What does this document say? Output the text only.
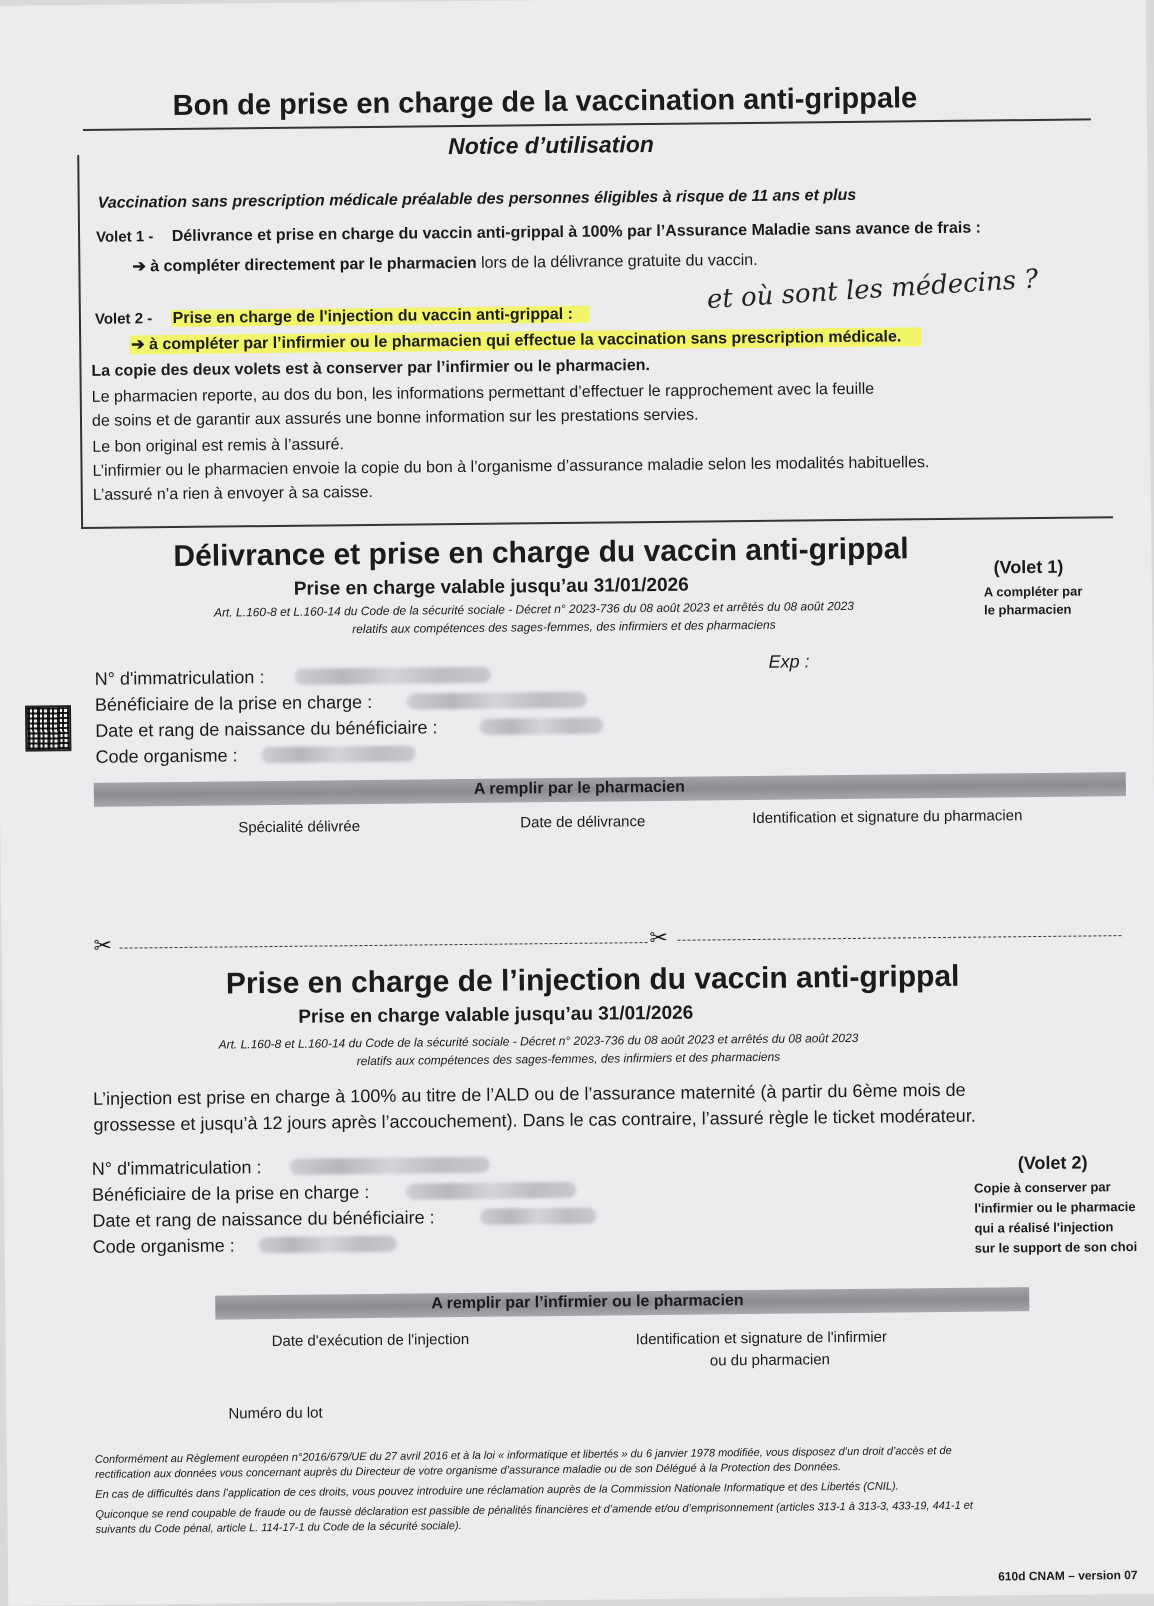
Bon de prise en charge de la vaccination anti-grippale
Notice d’utilisation
Vaccination sans prescription médicale préalable des personnes éligibles à risque de 11 ans et plus
Volet 1 - Délivrance et prise en charge du vaccin anti-grippal à 100% par l’Assurance Maladie sans avance de frais :
➔ à compléter directement par le pharmacien lors de la délivrance gratuite du vaccin.
Volet 2 - Prise en charge de l'injection du vaccin anti-grippal :
et où sont les médecins ?
➔ à compléter par l’infirmier ou le pharmacien qui effectue la vaccination sans prescription médicale.
La copie des deux volets est à conserver par l’infirmier ou le pharmacien.
Le pharmacien reporte, au dos du bon, les informations permettant d’effectuer le rapprochement avec la feuille
de soins et de garantir aux assurés une bonne information sur les prestations servies.
Le bon original est remis à l’assuré.
L’infirmier ou le pharmacien envoie la copie du bon à l’organisme d’assurance maladie selon les modalités habituelles.
L’assuré n’a rien à envoyer à sa caisse.
Délivrance et prise en charge du vaccin anti-grippal
Prise en charge valable jusqu’au 31/01/2026
Art. L.160-8 et L.160-14 du Code de la sécurité sociale - Décret n° 2023-736 du 08 août 2023 et arrêtés du 08 août 2023
relatifs aux compétences des sages-femmes, des infirmiers et des pharmaciens
(Volet 1)
A compléter par
le pharmacien
Exp :
N° d'immatriculation :
Bénéficiaire de la prise en charge :
Date et rang de naissance du bénéficiaire :
Code organisme :
A remplir par le pharmacien
Spécialité délivrée	Date de délivrance	Identification et signature du pharmacien
✂	✂
Prise en charge de l’injection du vaccin anti-grippal
Prise en charge valable jusqu’au 31/01/2026
Art. L.160-8 et L.160-14 du Code de la sécurité sociale - Décret n° 2023-736 du 08 août 2023 et arrêtés du 08 août 2023
relatifs aux compétences des sages-femmes, des infirmiers et des pharmaciens
L’injection est prise en charge à 100% au titre de l’ALD ou de l’assurance maternité (à partir du 6ème mois de
grossesse et jusqu’à 12 jours après l’accouchement). Dans le cas contraire, l’assuré règle le ticket modérateur.
N° d'immatriculation :
Bénéficiaire de la prise en charge :
Date et rang de naissance du bénéficiaire :
Code organisme :
(Volet 2)
Copie à conserver par
l'infirmier ou le pharmacie
qui a réalisé l'injection
sur le support de son choi
A remplir par l’infirmier ou le pharmacien
Date d'exécution de l'injection	Identification et signature de l'infirmier
ou du pharmacien
Numéro du lot
Conformément au Règlement européen n°2016/679/UE du 27 avril 2016 et à la loi « informatique et libertés » du 6 janvier 1978 modifiée, vous disposez d’un droit d’accès et de
rectification aux données vous concernant auprès du Directeur de votre organisme d’assurance maladie ou de son Délégué à la Protection des Données.
En cas de difficultés dans l’application de ces droits, vous pouvez introduire une réclamation auprès de la Commission Nationale Informatique et des Libertés (CNIL).
Quiconque se rend coupable de fraude ou de fausse déclaration est passible de pénalités financières et d’amende et/ou d’emprisonnement (articles 313-1 à 313-3, 433-19, 441-1 et
suivants du Code pénal, article L. 114-17-1 du Code de la sécurité sociale).
610d CNAM – version 07
